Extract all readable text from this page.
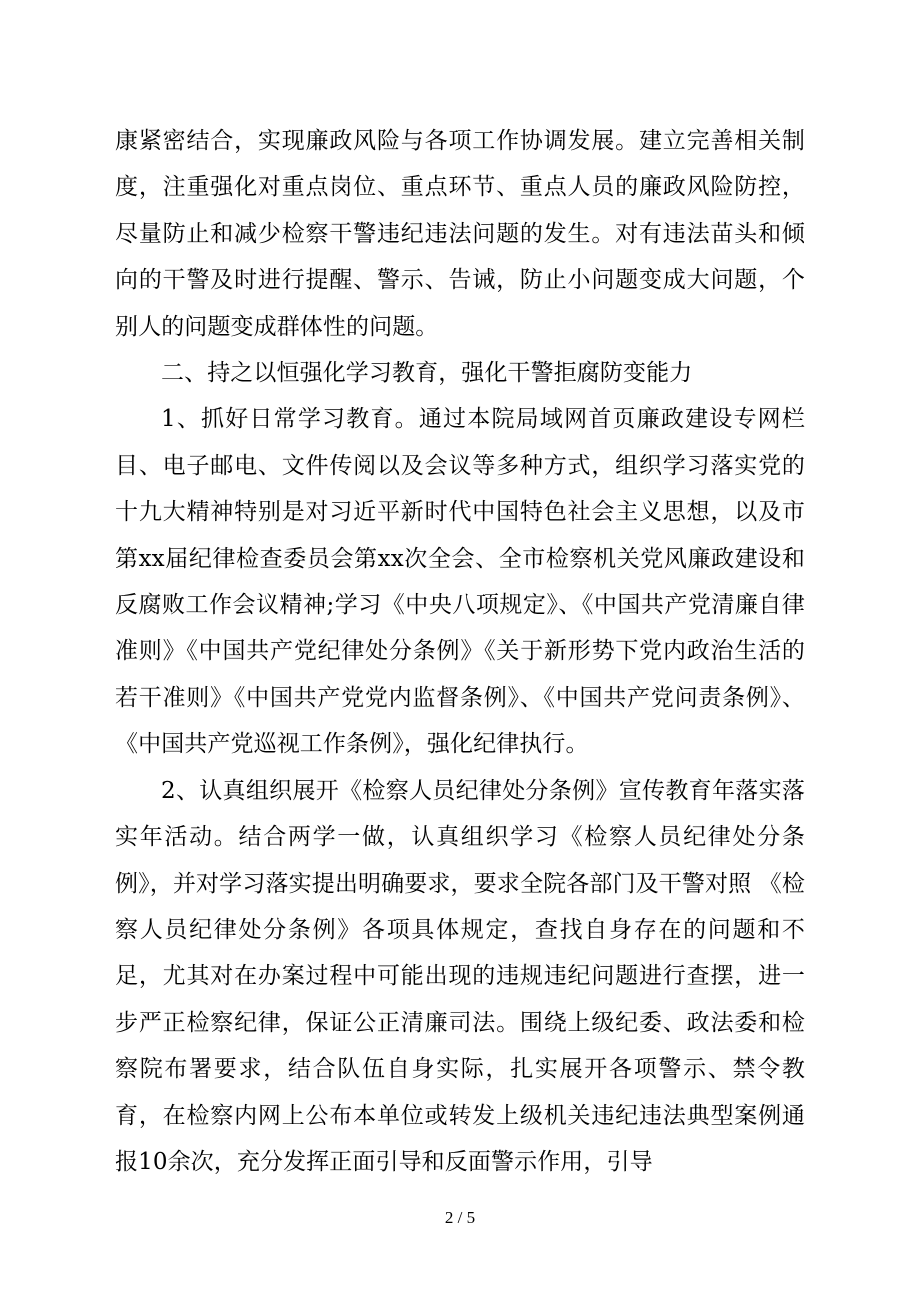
康紧密结合，实现廉政风险与各项工作协调发展。建立完善相关制度，注重强化对重点岗位、重点环节、重点人员的廉政风险防控，尽量防止和减少检察干警违纪违法问题的发生。对有违法苗头和倾向的干警及时进行提醒、警示、告诫，防止小问题变成大问题，个别人的问题变成群体性的问题。

二、持之以恒强化学习教育，强化干警拒腐防变能力

1、抓好日常学习教育。通过本院局域网首页廉政建设专网栏目、电子邮电、文件传阅以及会议等多种方式，组织学习落实党的十九大精神特别是对习近平新时代中国特色社会主义思想，以及市第xx届纪律检查委员会第xx次全会、全市检察机关党风廉政建设和反腐败工作会议精神;学习《中央八项规定》、《中国共产党清廉自律准则》《中国共产党纪律处分条例》《关于新形势下党内政治生活的若干准则》《中国共产党党内监督条例》、《中国共产党问责条例》、《中国共产党巡视工作条例》，强化纪律执行。

2、认真组织展开《检察人员纪律处分条例》宣传教育年落实落实年活动。结合两学一做，认真组织学习《检察人员纪律处分条例》，并对学习落实提出明确要求，要求全院各部门及干警对照 《检察人员纪律处分条例》各项具体规定，查找自身存在的问题和不足，尤其对在办案过程中可能出现的违规违纪问题进行查摆，进一步严正检察纪律，保证公正清廉司法。围绕上级纪委、政法委和检察院布署要求，结合队伍自身实际，扎实展开各项警示、禁令教育，在检察内网上公布本单位或转发上级机关违纪违法典型案例通报10余次，充分发挥正面引导和反面警示作用，引导

2 / 5
